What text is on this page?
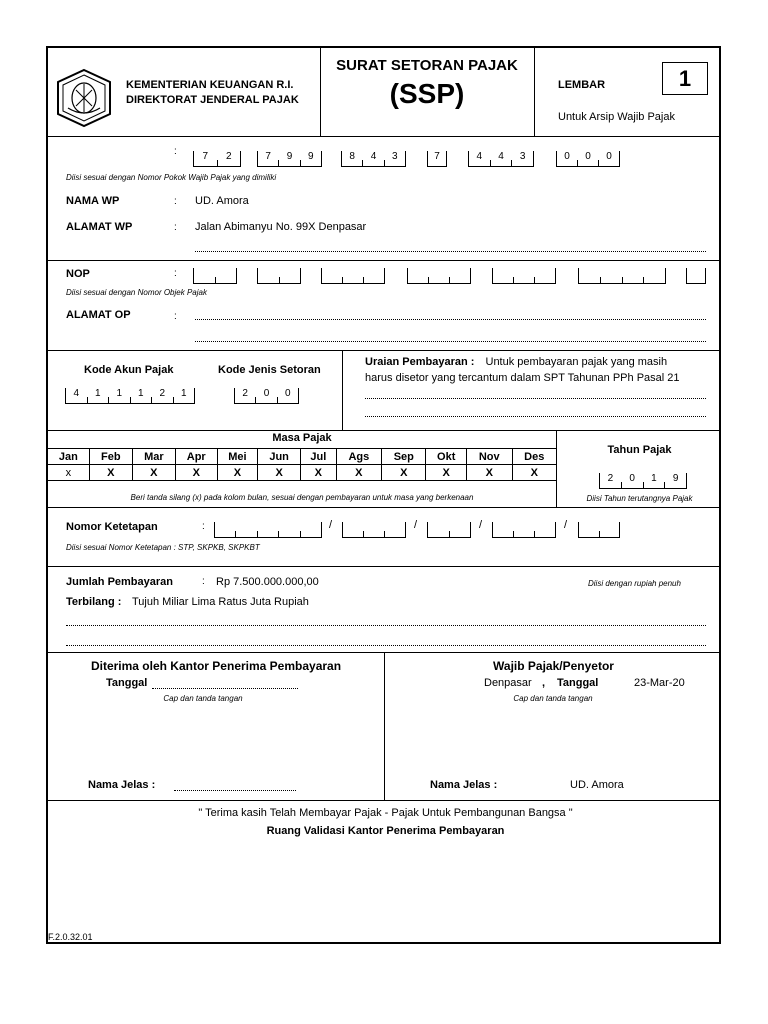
KEMENTERIAN KEUANGAN R.I.
DIREKTORAT JENDERAL PAJAK
SURAT SETORAN PAJAK
(SSP)	LEMBAR	1
Untuk Arsip Wajib Pajak
:	7	2	7	9	9	8	4	3	7	4	4	3	0	0	0
Diisi sesuai dengan Nomor Pokok Wajib Pajak yang dimiliki
NAMA WP	: UD. Amora
ALAMAT WP	: Jalan Abimanyu No. 99X Denpasar
NOP	:
Diisi sesuai dengan Nomor Objek Pajak
ALAMAT OP	:
Kode Akun Pajak
4	1	1	1	2	1
Kode Jenis Setoran
2	0	0
Uraian Pembayaran : Untuk pembayaran pajak yang masih
harus disetor yang tercantum dalam SPT Tahunan PPh Pasal 21
Masa Pajak
Jan	Feb	Mar	Apr	Mei	Jun	Jul	Ags	Sep	Okt	Nov	Des
x	X	X	X	X	X	X	X	X	X	X	X
Beri tanda silang (x) pada kolom bulan, sesuai dengan pembayaran untuk masa yang berkenaan
Tahun Pajak
2	0	1	9
Diisi Tahun terutangnya Pajak
Nomor Ketetapan	:	/	/	/	/
Diisi sesuai Nomor Ketetapan : STP, SKPKB, SKPKBT
Jumlah Pembayaran	: Rp 7.500.000.000,00	Diisi dengan rupiah penuh
Terbilang : Tujuh Miliar Lima Ratus Juta Rupiah
Diterima oleh Kantor Penerima Pembayaran
Tanggal
Cap dan tanda tangan
Nama Jelas :
Wajib Pajak/Penyetor
Denpasar , Tanggal	23-Mar-20
Cap dan tanda tangan
Nama Jelas :	UD. Amora
" Terima kasih Telah Membayar Pajak - Pajak Untuk Pembangunan Bangsa "
Ruang Validasi Kantor Penerima Pembayaran
F.2.0.32.01
